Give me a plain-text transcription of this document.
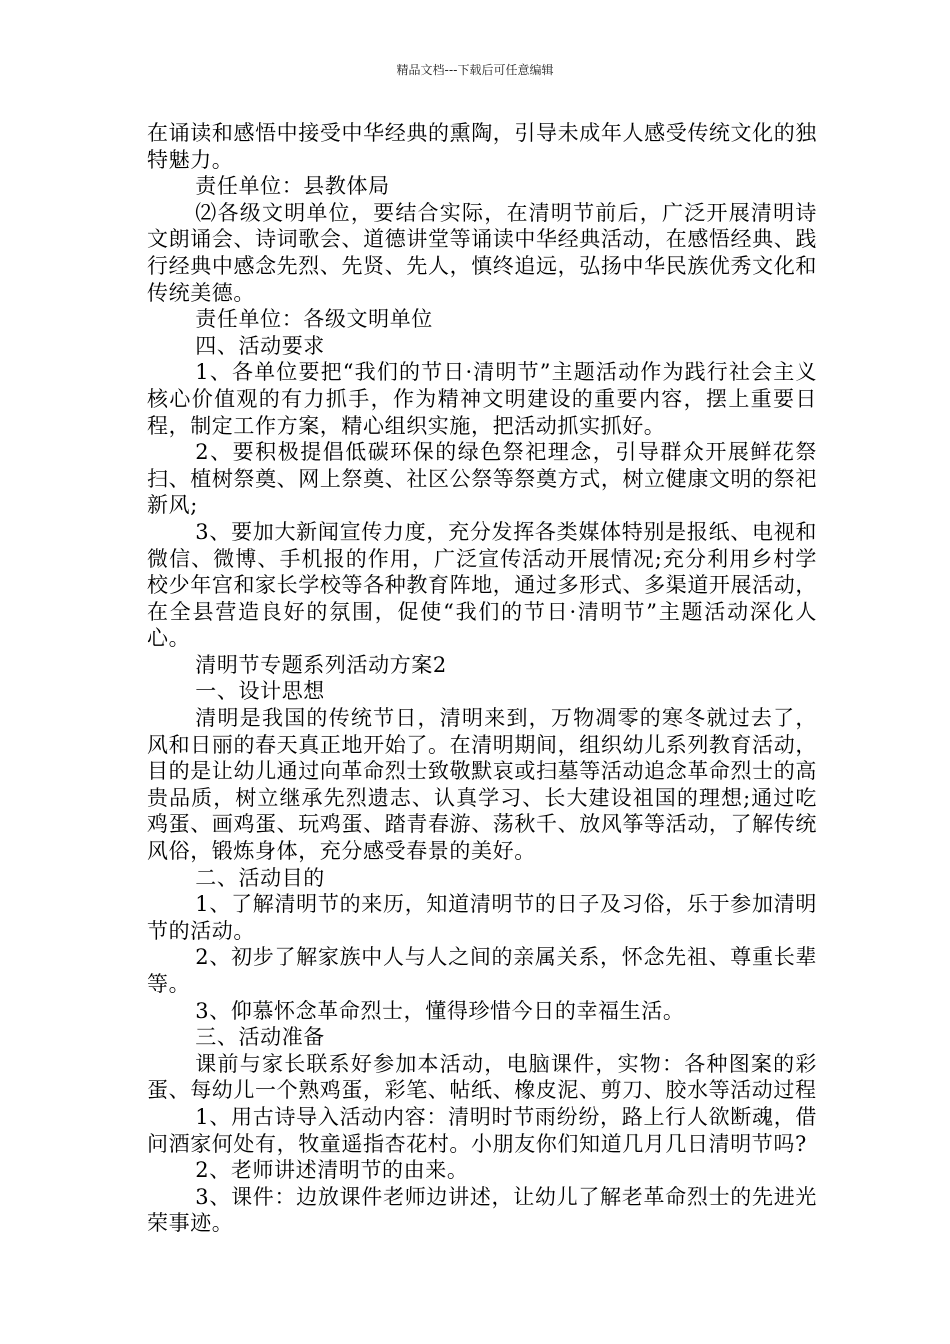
精品文档---下载后可任意编辑

在诵读和感悟中接受中华经典的熏陶，引导未成年人感受传统文化的独特魅力。

责任单位：县教体局

⑵各级文明单位，要结合实际，在清明节前后，广泛开展清明诗文朗诵会、诗词歌会、道德讲堂等诵读中华经典活动，在感悟经典、践行经典中感念先烈、先贤、先人，慎终追远，弘扬中华民族优秀文化和传统美德。

责任单位：各级文明单位

四、活动要求

1、各单位要把“我们的节日·清明节”主题活动作为践行社会主义核心价值观的有力抓手，作为精神文明建设的重要内容，摆上重要日程，制定工作方案，精心组织实施，把活动抓实抓好。

2、要积极提倡低碳环保的绿色祭祀理念，引导群众开展鲜花祭扫、植树祭奠、网上祭奠、社区公祭等祭奠方式，树立健康文明的祭祀新风;

3、要加大新闻宣传力度，充分发挥各类媒体特别是报纸、电视和微信、微博、手机报的作用，广泛宣传活动开展情况;充分利用乡村学校少年宫和家长学校等各种教育阵地，通过多形式、多渠道开展活动，在全县营造良好的氛围，促使“我们的节日·清明节”主题活动深化人心。

清明节专题系列活动方案2

一、设计思想

清明是我国的传统节日，清明来到，万物凋零的寒冬就过去了，风和日丽的春天真正地开始了。在清明期间，组织幼儿系列教育活动，目的是让幼儿通过向革命烈士致敬默哀或扫墓等活动追念革命烈士的高贵品质，树立继承先烈遗志、认真学习、长大建设祖国的理想;通过吃鸡蛋、画鸡蛋、玩鸡蛋、踏青春游、荡秋千、放风筝等活动，了解传统风俗，锻炼身体，充分感受春景的美好。

二、活动目的

1、了解清明节的来历，知道清明节的日子及习俗，乐于参加清明节的活动。

2、初步了解家族中人与人之间的亲属关系，怀念先祖、尊重长辈等。

3、仰慕怀念革命烈士，懂得珍惜今日的幸福生活。

三、活动准备

课前与家长联系好参加本活动，电脑课件，实物：各种图案的彩蛋、每幼儿一个熟鸡蛋，彩笔、帖纸、橡皮泥、剪刀、胶水等活动过程

1、用古诗导入活动内容：清明时节雨纷纷，路上行人欲断魂，借问酒家何处有，牧童遥指杏花村。小朋友你们知道几月几日清明节吗?

2、老师讲述清明节的由来。

3、课件：边放课件老师边讲述，让幼儿了解老革命烈士的先进光荣事迹。
